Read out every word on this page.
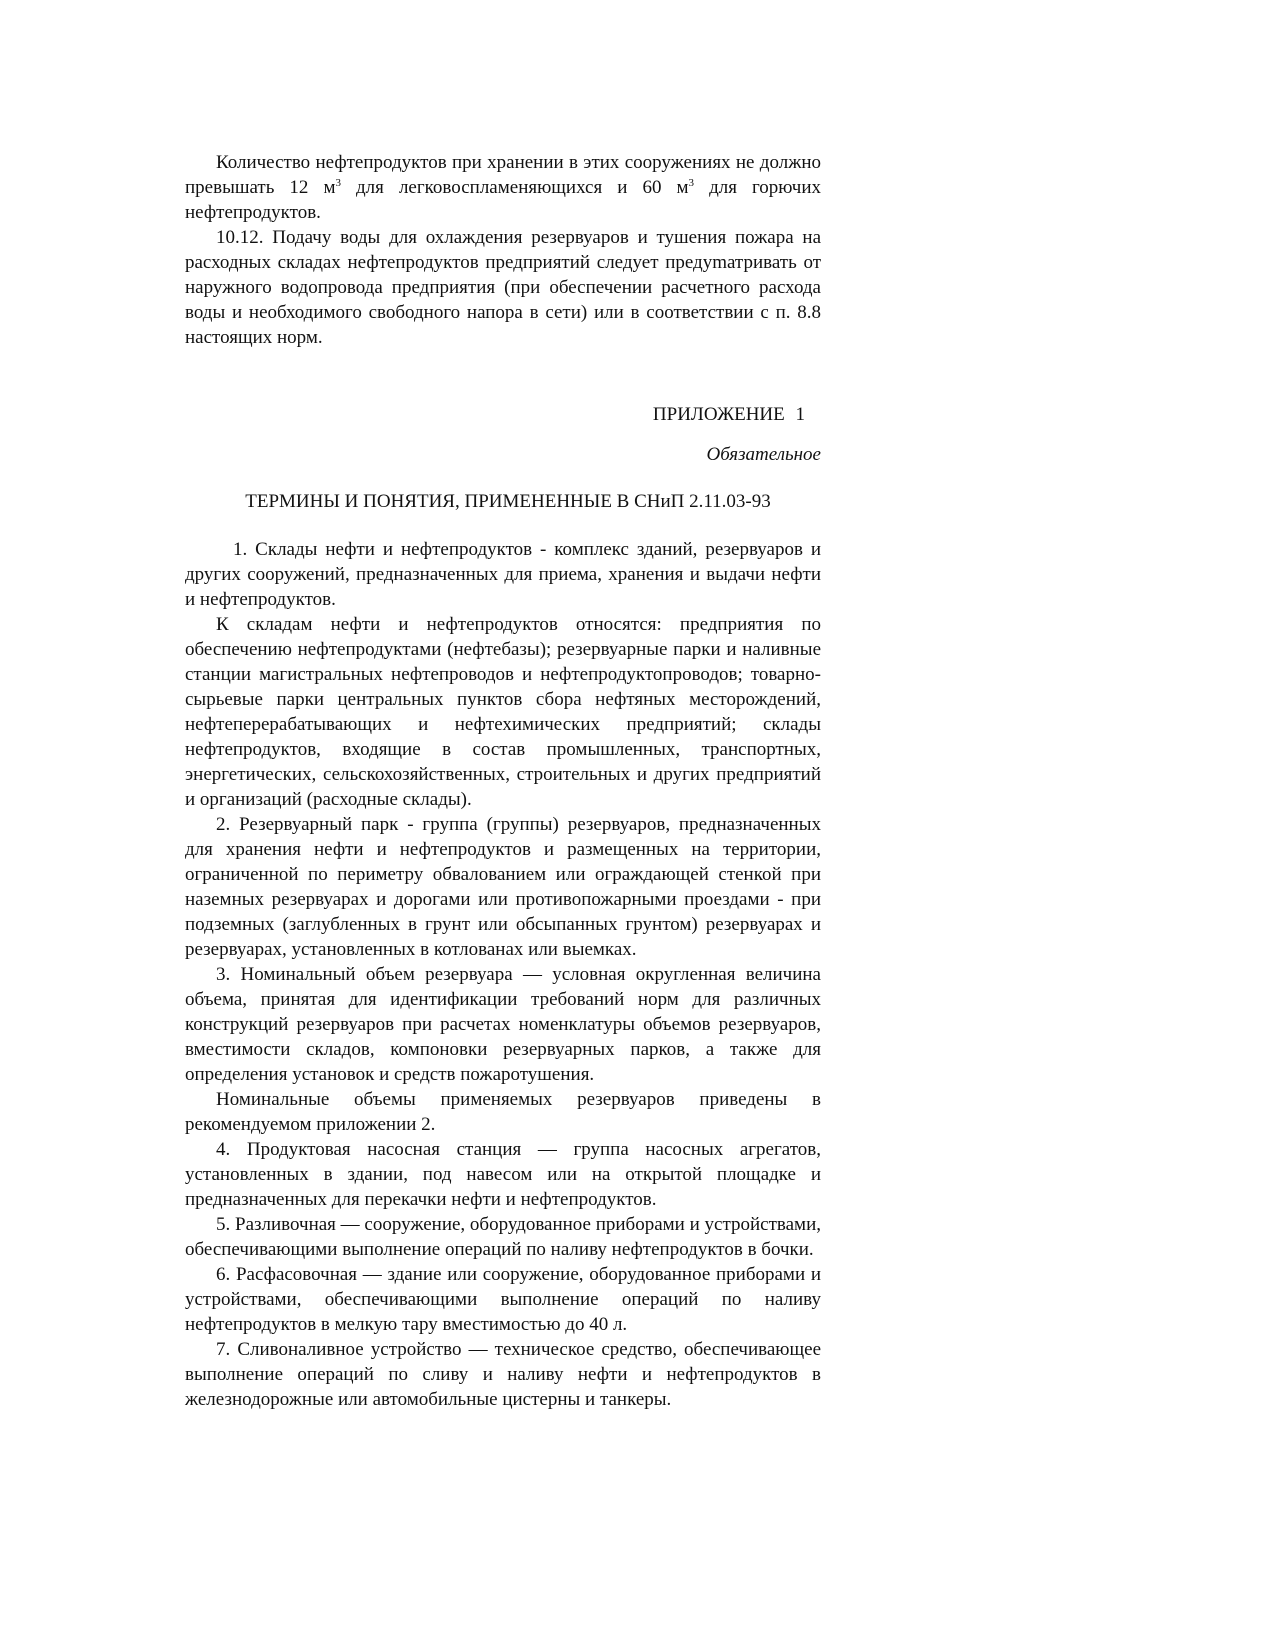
Количество нефтепродуктов при хранении в этих сооружениях не должно превышать 12 $м^3$ для легковоспламеняющихся и 60 $м^3$ для горючих нефтепродуктов.

10.12. Подачу воды для охлаждения резервуаров и тушения пожара на расходных складах нефтепродуктов предприятий следует предуmатривать от наружного водопровода предприятия (при обеспечении расчетного расхода воды и необходимого свободного напора в сети) или в соответствии с п. 8.8 настоящих норм.

ПРИЛОЖЕНИЕ 1
Обязательное
ТЕРМИНЫ И ПОНЯТИЯ, ПРИМЕНЕННЫЕ В СНиП 2.11.03-93

1. Склады нефти и нефтепродуктов - комплекс зданий, резервуаров и других сооружений, предназначенных для приема, хранения и выдачи нефти и нефтепродуктов.

К складам нефти и нефтепродуктов относятся: предприятия по обеспечению нефтепродуктами (нефтебазы); резервуарные парки и наливные станции магистральных нефтепроводов и нефтепродуктопроводов; товарно-сырьевые парки центральных пунктов сбора нефтяных месторождений, нефтеперерабатывающих и нефтехимических предприятий; склады нефтепродуктов, входящие в состав промышленных, транспортных, энергетических, сельскохозяйственных, строительных и других предприятий и организаций (расходные склады).

2. Резервуарный парк - группа (группы) резервуаров, предназначенных для хранения нефти и нефтепродуктов и размещенных на территории, ограниченной по периметру обвалованием или ограждающей стенкой при наземных резервуарах и дорогами или противопожарными проездами - при подземных (заглубленных в грунт или обсыпанных грунтом) резервуарах и резервуарах, установленных в котлованах или выемках.

3. Номинальный объем резервуара — условная округленная величина объема, принятая для идентификации требований норм для различных конструкций резервуаров при расчетах номенклатуры объемов резервуаров, вместимости складов, компоновки резервуарных парков, а также для определения установок и средств пожаротушения.

Номинальные объемы применяемых резервуаров приведены в рекомендуемом приложении 2.

4. Продуктовая насосная станция — группа насосных агрегатов, установленных в здании, под навесом или на открытой площадке и предназначенных для перекачки нефти и нефтепродуктов.

5. Разливочная — сооружение, оборудованное приборами и устройствами, обеспечивающими выполнение операций по наливу нефтепродуктов в бочки.

6. Расфасовочная — здание или сооружение, оборудованное приборами и устройствами, обеспечивающими выполнение операций по наливу нефтепродуктов в мелкую тару вместимостью до 40 л.

7. Сливоналивное устройство — техническое средство, обеспечивающее выполнение операций по сливу и наливу нефти и нефтепродуктов в железнодорожные или автомобильные цистерны и танкеры.
